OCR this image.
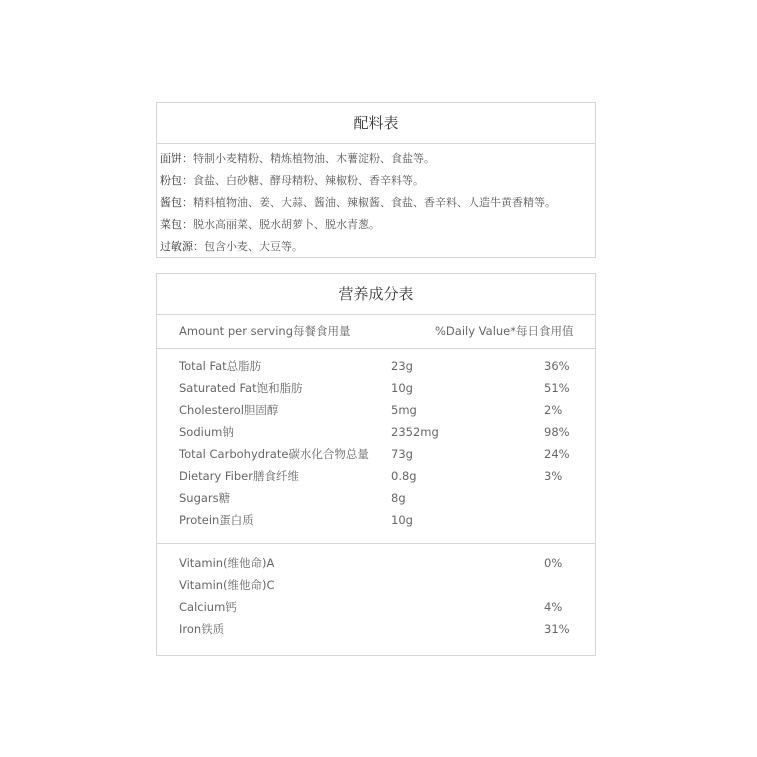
配料表
面饼：特制小麦精粉、精炼植物油、木薯淀粉、食盐等。
粉包：食盐、白砂糖、酵母精粉、辣椒粉、香辛料等。
酱包：精料植物油、姜、大蒜、酱油、辣椒酱、食盐、香辛料、人造牛黄香精等。
菜包：脱水高丽菜、脱水胡萝卜、脱水青葱。
过敏源：包含小麦、大豆等。
营养成分表
Amount per serving每餐食用量	%Daily Value*每日食用值
Total Fat总脂肪	23g	36%
Saturated Fat饱和脂肪	10g	51%
Cholesterol胆固醇	5mg	2%
Sodium钠	2352mg	98%
Total Carbohydrate碳水化合物总量 73g	24%
Dietary Fiber膳食纤维	0.8g	3%
Sugars糖	8g
Protein蛋白质	10g
Vitamin(维他命)A	0%
Vitamin(维他命)C
Calcium钙	4%
Iron铁质	31%
